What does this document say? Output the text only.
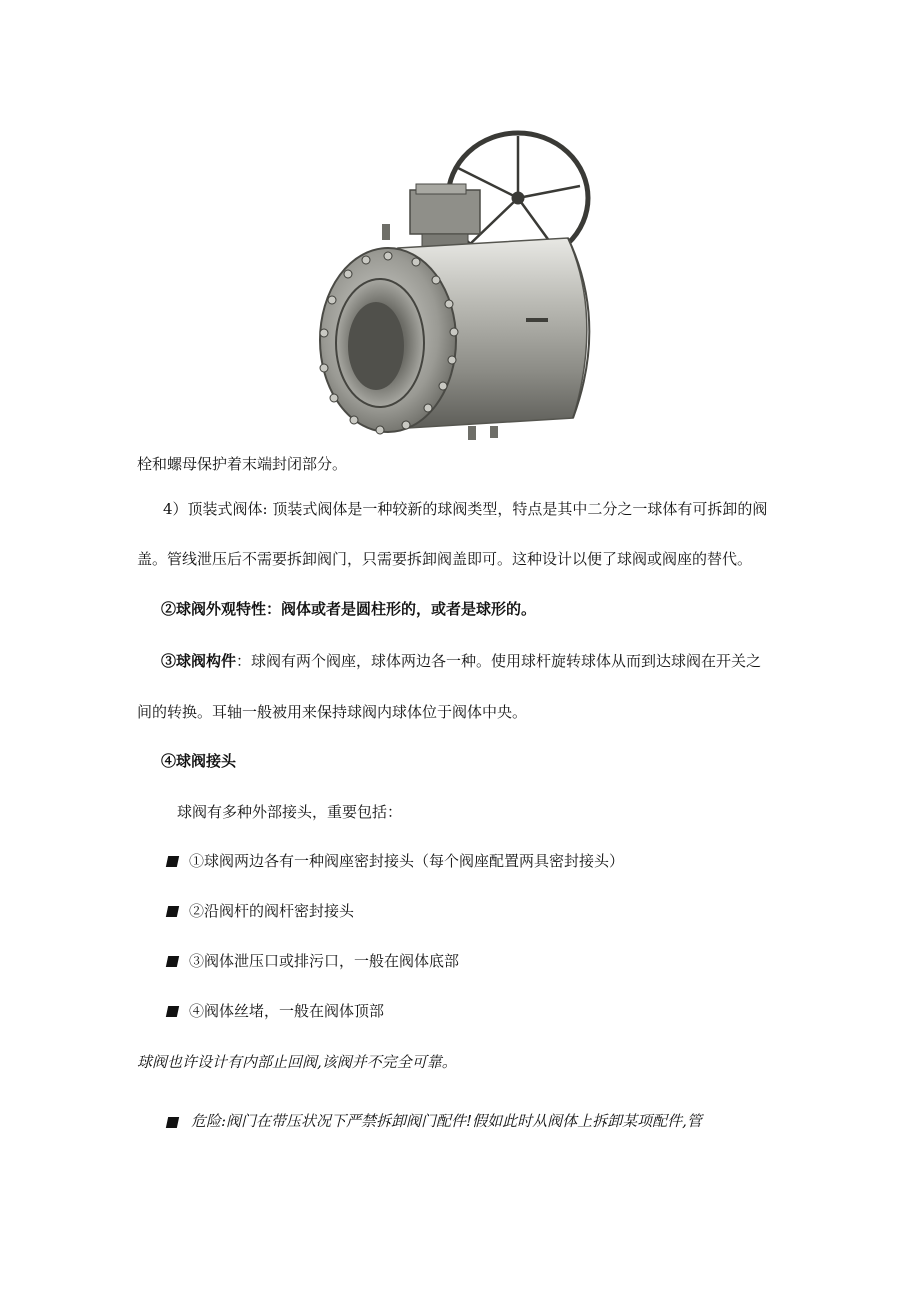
栓和螺母保护着末端封闭部分。
4）顶装式阀体: 顶装式阀体是一种较新的球阀类型，特点是其中二分之一球体有可拆卸的阀
盖。管线泄压后不需要拆卸阀门，只需要拆卸阀盖即可。这种设计以便了球阀或阀座的替代。
②球阀外观特性：阀体或者是圆柱形的，或者是球形的。
③球阀构件：球阀有两个阀座，球体两边各一种。使用球杆旋转球体从而到达球阀在开关之
间的转换。耳轴一般被用来保持球阀内球体位于阀体中央。
④球阀接头
球阀有多种外部接头，重要包括：
①球阀两边各有一种阀座密封接头（每个阀座配置两具密封接头）
②沿阀杆的阀杆密封接头
③阀体泄压口或排污口，一般在阀体底部
④阀体丝堵，一般在阀体顶部
球阀也许设计有内部止回阀,该阀并不完全可靠。
危险:阀门在带压状况下严禁拆卸阀门配件!假如此时从阀体上拆卸某项配件,管
